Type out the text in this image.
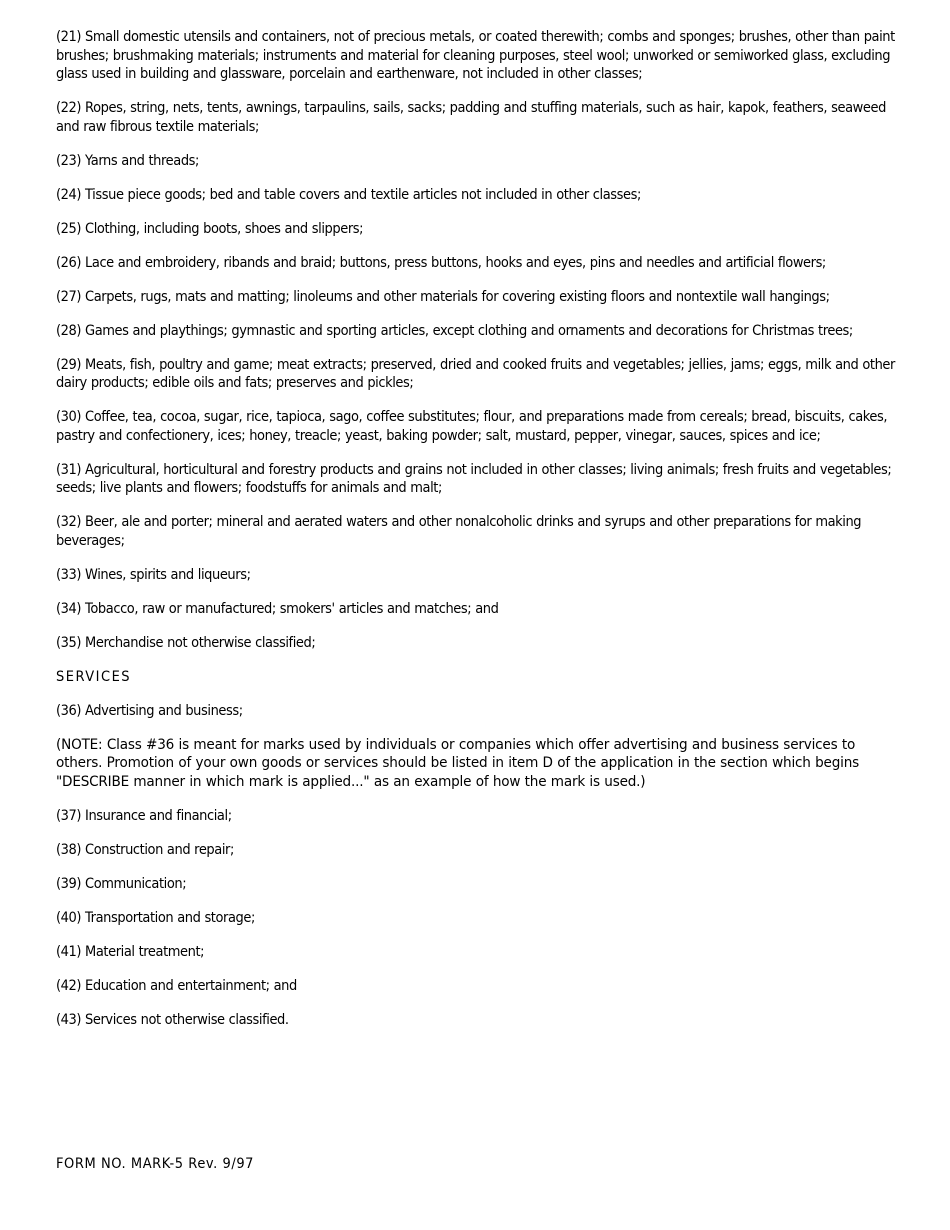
(21) Small domestic utensils and containers, not of precious metals, or coated therewith; combs and sponges; brushes, other than paint brushes; brushmaking materials; instruments and material for cleaning purposes, steel wool; unworked or semiworked glass, excluding glass used in building and glassware, porcelain and earthenware, not included in other classes;

(22) Ropes, string, nets, tents, awnings, tarpaulins, sails, sacks; padding and stuffing materials, such as hair, kapok, feathers, seaweed and raw fibrous textile materials;

(23) Yarns and threads;

(24) Tissue piece goods; bed and table covers and textile articles not included in other classes;

(25) Clothing, including boots, shoes and slippers;

(26) Lace and embroidery, ribands and braid; buttons, press buttons, hooks and eyes, pins and needles and artificial flowers;

(27) Carpets, rugs, mats and matting; linoleums and other materials for covering existing floors and nontextile wall hangings;

(28) Games and playthings; gymnastic and sporting articles, except clothing and ornaments and decorations for Christmas trees;

(29) Meats, fish, poultry and game; meat extracts; preserved, dried and cooked fruits and vegetables; jellies, jams; eggs, milk and other dairy products; edible oils and fats; preserves and pickles;

(30) Coffee, tea, cocoa, sugar, rice, tapioca, sago, coffee substitutes; flour, and preparations made from cereals; bread, biscuits, cakes, pastry and confectionery, ices; honey, treacle; yeast, baking powder; salt, mustard, pepper, vinegar, sauces, spices and ice;

(31) Agricultural, horticultural and forestry products and grains not included in other classes; living animals; fresh fruits and vegetables; seeds; live plants and flowers; foodstuffs for animals and malt;

(32) Beer, ale and porter; mineral and aerated waters and other nonalcoholic drinks and syrups and other preparations for making beverages;

(33) Wines, spirits and liqueurs;

(34) Tobacco, raw or manufactured; smokers' articles and matches; and

(35) Merchandise not otherwise classified;

SERVICES

(36) Advertising and business;

(NOTE: Class #36 is meant for marks used by individuals or companies which offer advertising and business services to others. Promotion of your own goods or services should be listed in item D of the application in the section which begins "DESCRIBE manner in which mark is applied..." as an example of how the mark is used.)

(37) Insurance and financial;

(38) Construction and repair;

(39) Communication;

(40) Transportation and storage;

(41) Material treatment;

(42) Education and entertainment; and

(43) Services not otherwise classified.

FORM NO. MARK-5 Rev. 9/97
